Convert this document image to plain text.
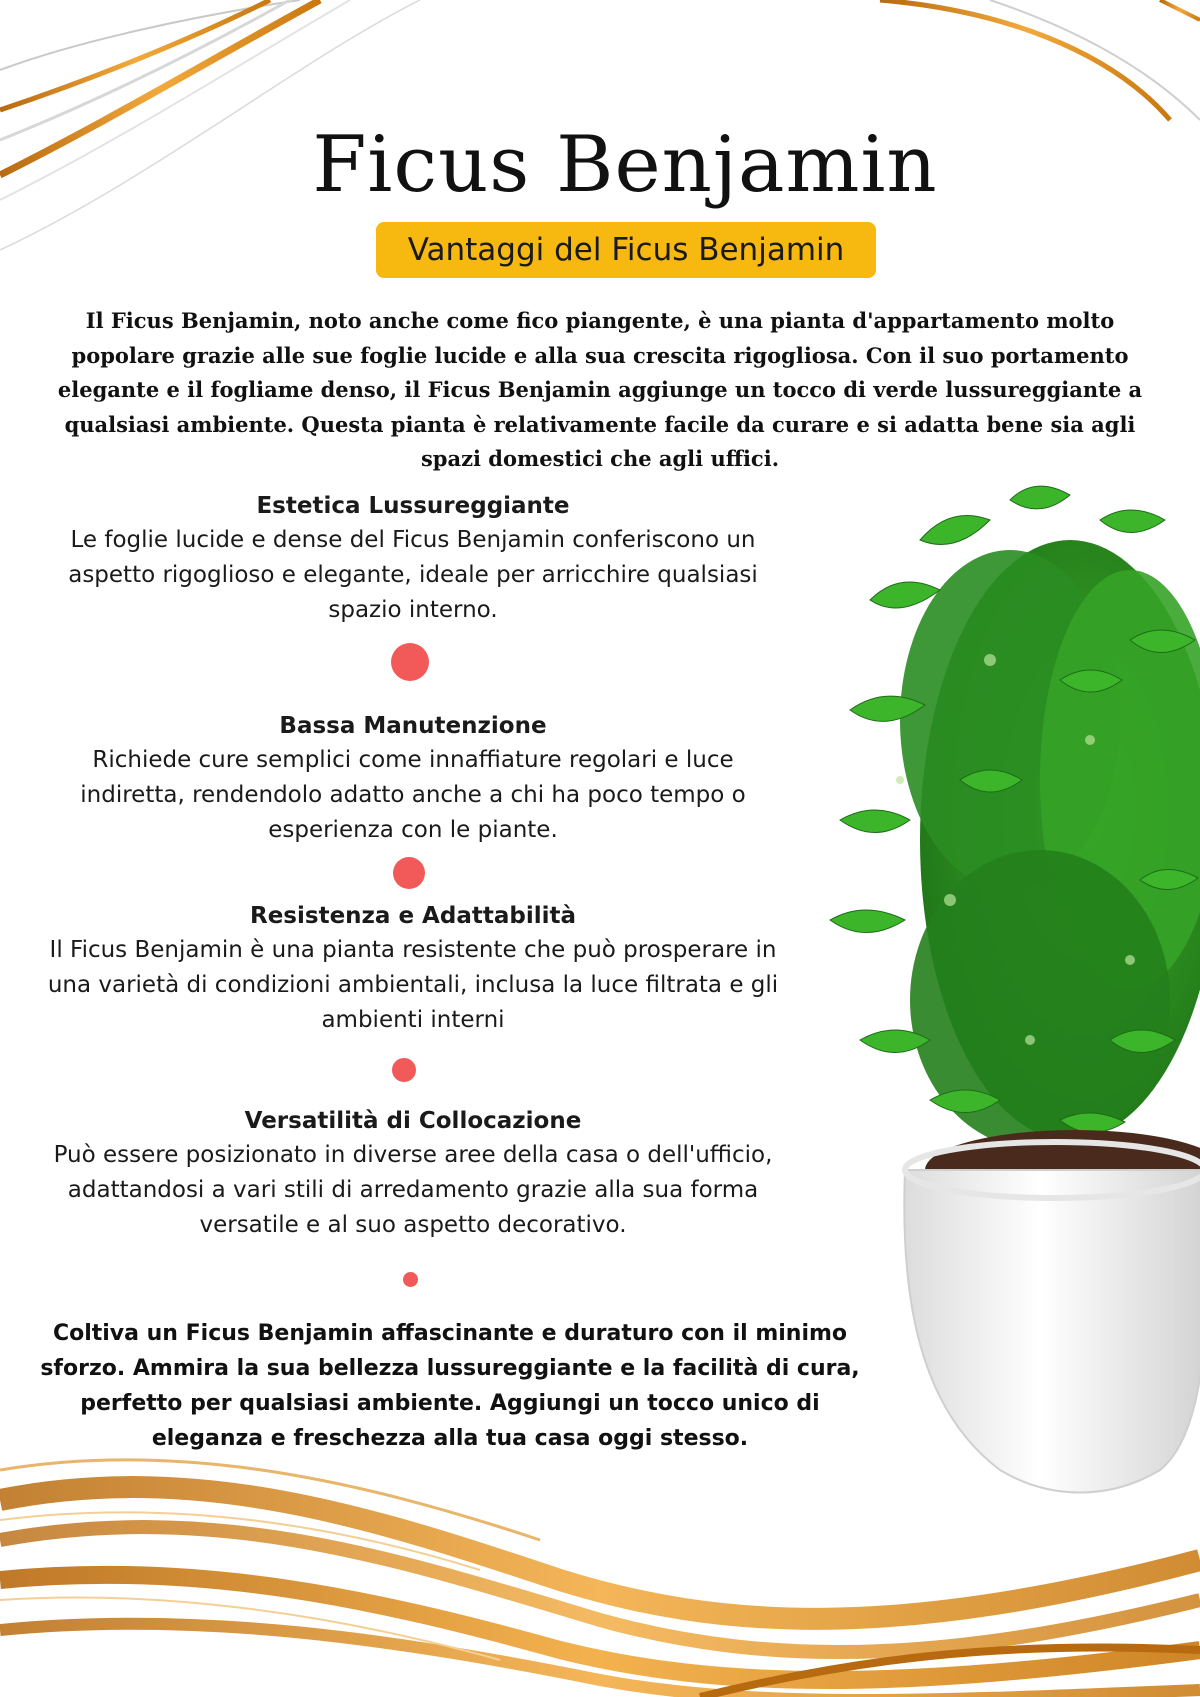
Ficus Benjamin
Vantaggi del Ficus Benjamin

Il Ficus Benjamin, noto anche come fico piangente, è una pianta d'appartamento molto popolare grazie alle sue foglie lucide e alla sua crescita rigogliosa. Con il suo portamento elegante e il fogliame denso, il Ficus Benjamin aggiunge un tocco di verde lussureggiante a qualsiasi ambiente. Questa pianta è relativamente facile da curare e si adatta bene sia agli spazi domestici che agli uffici.

Estetica Lussureggiante

Le foglie lucide e dense del Ficus Benjamin conferiscono un aspetto rigoglioso e elegante, ideale per arricchire qualsiasi spazio interno.

Bassa Manutenzione

Richiede cure semplici come innaffiature regolari e luce indiretta, rendendolo adatto anche a chi ha poco tempo o esperienza con le piante.

Resistenza e Adattabilità

Il Ficus Benjamin è una pianta resistente che può prosperare in una varietà di condizioni ambientali, inclusa la luce filtrata e gli ambienti interni

Versatilità di Collocazione

Può essere posizionato in diverse aree della casa o dell'ufficio, adattandosi a vari stili di arredamento grazie alla sua forma versatile e al suo aspetto decorativo.

Coltiva un Ficus Benjamin affascinante e duraturo con il minimo sforzo. Ammira la sua bellezza lussureggiante e la facilità di cura, perfetto per qualsiasi ambiente. Aggiungi un tocco unico di eleganza e freschezza alla tua casa oggi stesso.
